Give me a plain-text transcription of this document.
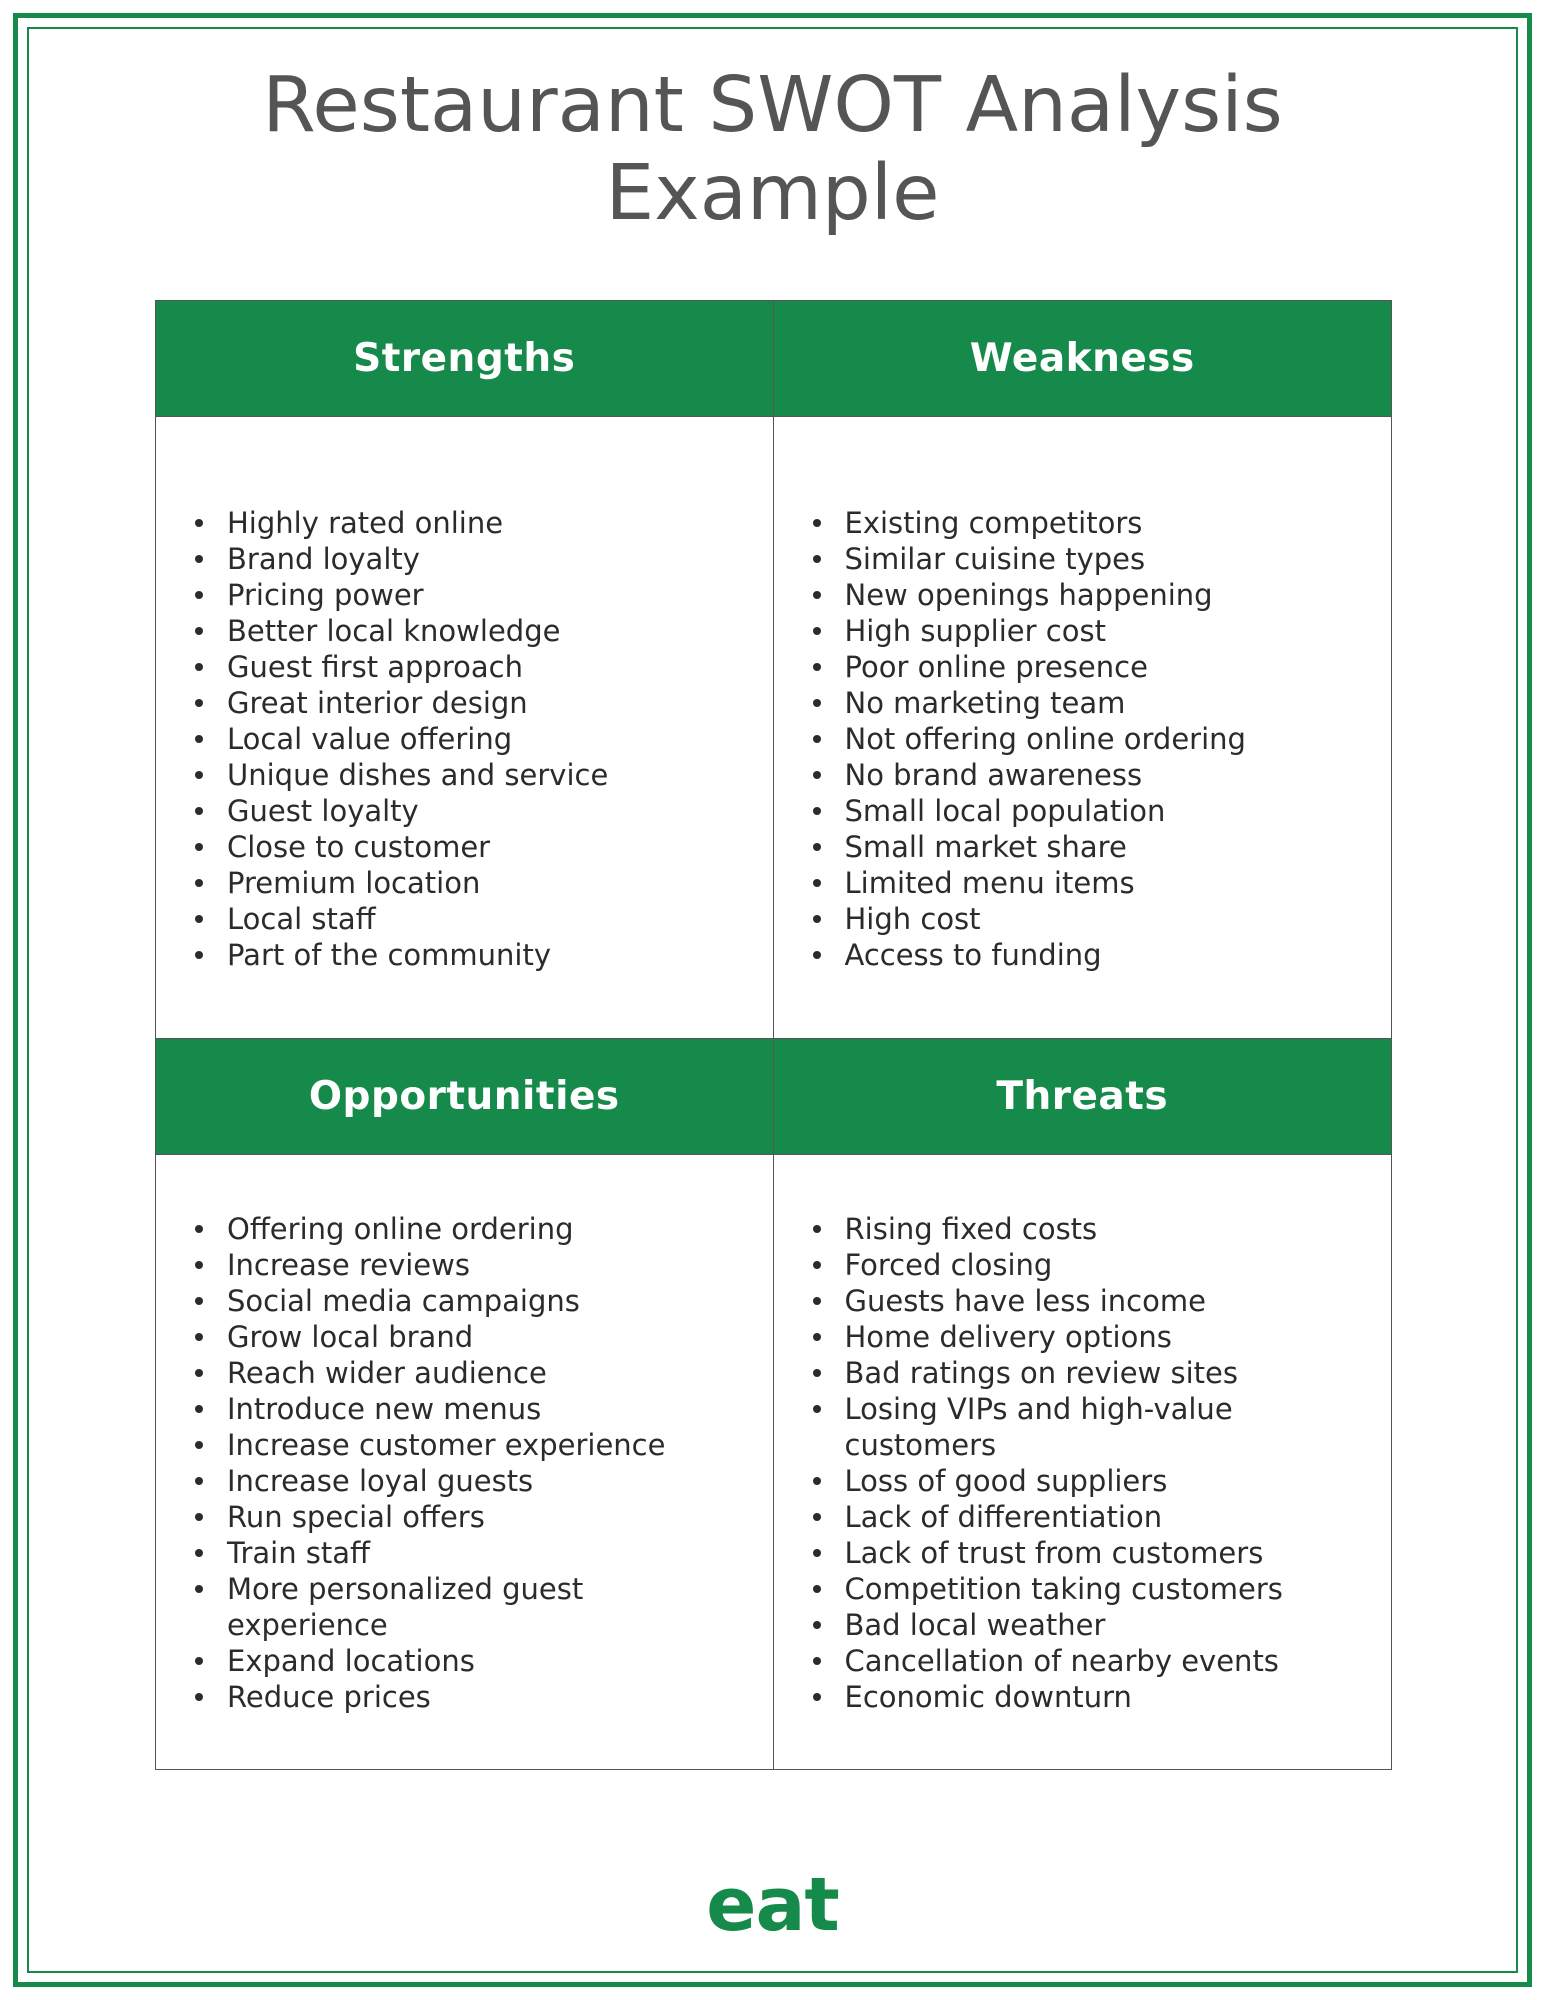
Restaurant SWOT Analysis
Example
Strengths	Weakness
Highly rated online
Brand loyalty
Pricing power
Better local knowledge
Guest first approach
Great interior design
Local value offering
Unique dishes and service
Guest loyalty
Close to customer
Premium location
Local staff
Part of the community
Existing competitors
Similar cuisine types
New openings happening
High supplier cost
Poor online presence
No marketing team
Not offering online ordering
No brand awareness
Small local population
Small market share
Limited menu items
High cost
Access to funding
Opportunities	Threats
Offering online ordering
Increase reviews
Social media campaigns
Grow local brand
Reach wider audience
Introduce new menus
Increase customer experience
Increase loyal guests
Run special offers
Train staff
More personalized guest experience
Expand locations
Reduce prices
Rising fixed costs
Forced closing
Guests have less income
Home delivery options
Bad ratings on review sites
Losing VIPs and high-value customers
Loss of good suppliers
Lack of differentiation
Lack of trust from customers
Competition taking customers
Bad local weather
Cancellation of nearby events
Economic downturn
eat
